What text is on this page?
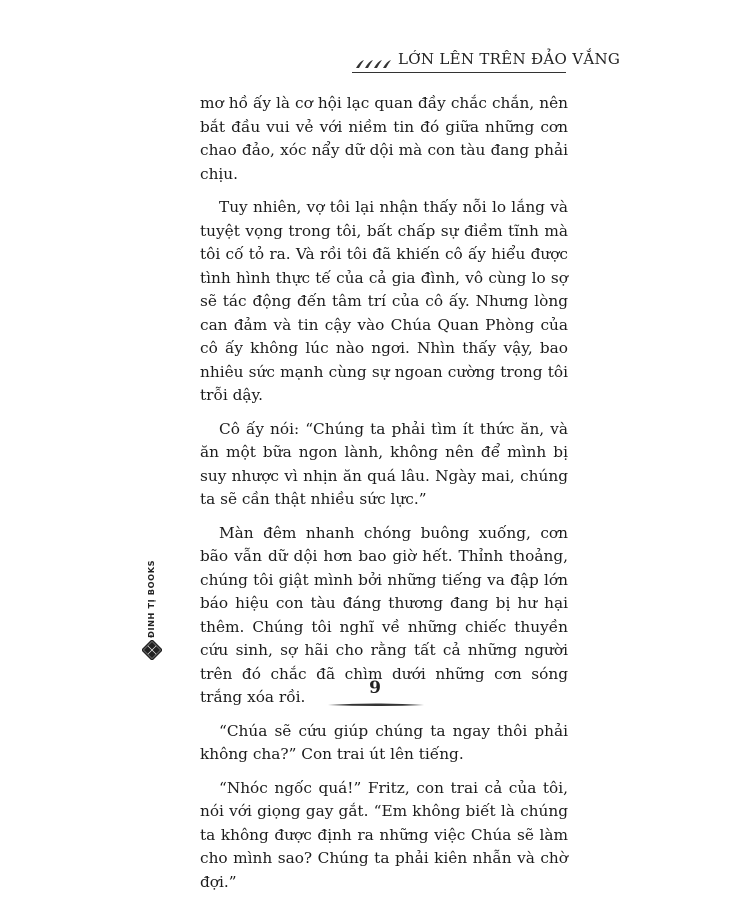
LỚN LÊN TRÊN ĐẢO VẮNG

mơ hồ ấy là cơ hội lạc quan đầy chắc chắn, nên bắt đầu vui vẻ với niềm tin đó giữa những cơn chao đảo, xóc nẩy dữ dội mà con tàu đang phải chịu.

Tuy nhiên, vợ tôi lại nhận thấy nỗi lo lắng và tuyệt vọng trong tôi, bất chấp sự điềm tĩnh mà tôi cố tỏ ra. Và rồi tôi đã khiến cô ấy hiểu được tình hình thực tế của cả gia đình, vô cùng lo sợ sẽ tác động đến tâm trí của cô ấy. Nhưng lòng can đảm và tin cậy vào Chúa Quan Phòng của cô ấy không lúc nào ngơi. Nhìn thấy vậy, bao nhiêu sức mạnh cùng sự ngoan cường trong tôi trỗi dậy.

Cô ấy nói: “Chúng ta phải tìm ít thức ăn, và ăn một bữa ngon lành, không nên để mình bị suy nhược vì nhịn ăn quá lâu. Ngày mai, chúng ta sẽ cần thật nhiều sức lực.”

Màn đêm nhanh chóng buông xuống, cơn bão vẫn dữ dội hơn bao giờ hết. Thỉnh thoảng, chúng tôi giật mình bởi những tiếng va đập lớn báo hiệu con tàu đáng thương đang bị hư hại thêm. Chúng tôi nghĩ về những chiếc thuyền cứu sinh, sợ hãi cho rằng tất cả những người trên đó chắc đã chìm dưới những cơn sóng trắng xóa rồi.

“Chúa sẽ cứu giúp chúng ta ngay thôi phải không cha?” Con trai út lên tiếng.

“Nhóc ngốc quá!” Fritz, con trai cả của tôi, nói với giọng gay gắt. “Em không biết là chúng ta không được định ra những việc Chúa sẽ làm cho mình sao? Chúng ta phải kiên nhẫn và chờ đợi.”

ĐINH TỊ BOOKS
9
